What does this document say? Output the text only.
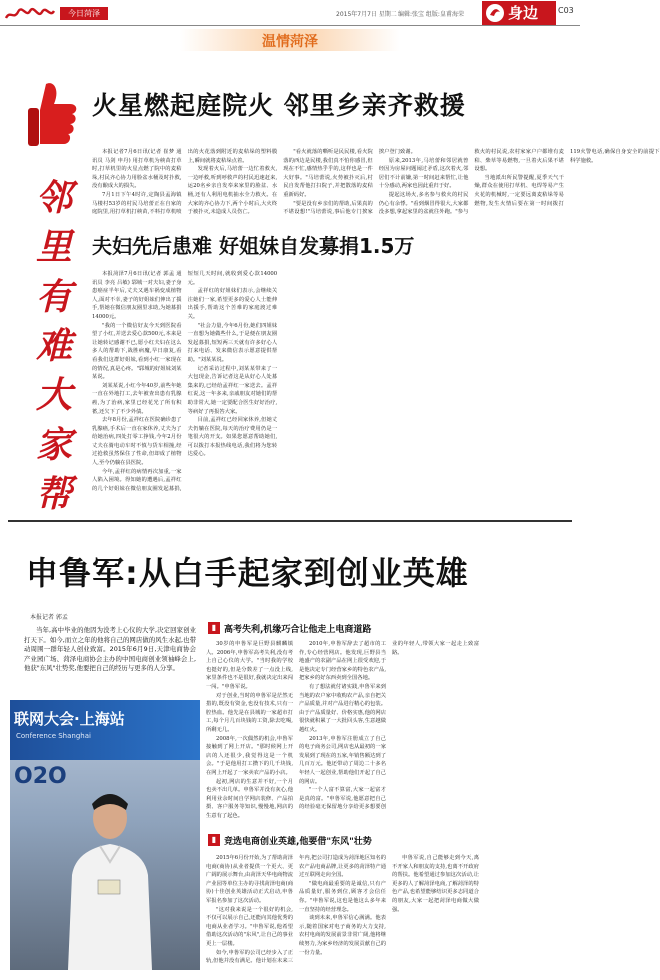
今日菏泽	2015年7月7日 星期二 编辑:张宝 组版:皇甫海荣	身边 C03
温情菏泽
邻
里
有
难
大
家
帮
火星燃起庭院火 邻里乡亲齐救援

本报记者7月6日讯(记者 崔梦 通讯员 马剑 申丹) 用打草机为秧苗打草时,打草机里的火星点燃了院中的麦秸垛,村民齐心协力用脸盆水桶及时扑救,没有酿成大的损失。

7月1日下午4时许,定陶县孟海镇马楼村53岁的村民马培蕾正在自家的庭院里,用打草机打秧苗,不料打草机喷出的火花落到附近的麦秸垛的塑料膜上,瞬间就将麦秸垛点着。

发现着火后,马培蕾一边忙着救火,一边呼救,听到呼救声的村民迅速赶来,运20名乡亲自发奉来家里的脸盆、水桶,还有人利用电机抽水全力救火。在大家的齐心协力下,两个小时后,大火终于被扑灭,未造成人员伤亡。

"看火就落的嘶听是民民楼,看火院落的西边是民楼,我们真不怕你感冒,但现在不忙,感情热乎乎的,这样也是一件大好事。"马培蕾说,火势被扑灭后,村民自发帮他打扫院子,并把散落的麦秸重新码好。

"要是没有乡亲们的帮助,后果真的不堪设想!"马培蕾说,事后他专门挨家挨户登门致谢。

原来,2013年,马培蕾和邻居就曾经因为房屋问题闹过矛盾,这次着火,邻居们不计前嫌,第一时间赶来帮忙,让他十分感动,两家也因此重归于好。

提起这场火,多名参与救火的村民仍心有余悸。"看到烟冒得很大,大家都没多想,拿起家里的盆就往外跑。"参与救火的村民说,农村家家户户都堆有麦秸、柴草等易燃物,一旦着火后果不堪设想。

当地派出所民警提醒,夏季天气干燥,群众在使用打草机、电焊等易产生火花的机械时,一定要远离麦秸垛等易燃物,发生火情后要在第一时间拨打119火警电话,确保自身安全的前提下科学施救。

夫妇先后患难 好姐妹自发募捐1.5万

本报菏泽7月6日讯(记者 郭孟 通讯员 李亮 吕敏) 郓城一对夫妇,妻子身患癌症半年后,丈夫又遇车祸变成植物人,面对不幸,妻子的好姐妹们伸出了援手,帮她在微信朋友圈里求助,为她募捐14000元。

"我的一个微信好友今天到医院看望了小红,并送去爱心款500元,本来是让她转记感谢不已,愿小红夫妇在这么多人的帮助下,战胜病魔,早日康复,看看我们这群好姐妹,看到小红一家现在的情况,真是心疼。"郓城的好姐妹刘某某说。

刘某某说,小红今年40岁,前些年她一直在外地打工,去年被查出患有乳腺癌,为了治病,家里已经花光了所有积蓄,还欠下了不少外债。

去年8月份,孟祥红在医院确诊患了乳腺癌,手术后一直在家休养,丈夫为了给她治病,四处打零工挣钱,今年2月份丈夫在骑电动车时不慎与货车相撞,经过抢救虽然保住了性命,但却成了植物人,至今仍躺在县医院。

今年,孟祥红的病情再次加重,一家人陷入困境。得知她的遭遇后,孟祥红的几个好姐妹在微信朋友圈发起募捐,短短几天时间,就收到爱心款14000元。

孟祥红的好姐妹们表示,会继续关注她们一家,希望更多的爱心人士能伸出援手,帮助这个苦难的家庭渡过难关。

"社会力量,今年6月份,她们四姐妹一直想为她做些什么,于是便在朋友圈发起募捐,短短两三天就有许多好心人打来电话、发来微信表示愿意提供帮助。"刘某某说。

记者采访过程中,刘某某带来了一大包现金,告诉记者这是从好心人处募集来的,已经给孟祥红一家送去。孟祥红说,这一年多来,亲戚朋友对她们的帮助非常大,她一定要配合医生好好治疗,等病好了再报答大家。

目前,孟祥红已经回家休养,但她丈夫仍躺在医院,每天的治疗费用仍是一笔很大的开支。如果您愿意帮助她们,可以拨打本报热线电话,我们将为您转达爱心。

申鲁军:从白手起家到创业英雄
本报记者 郭孟
当年,高中毕业的他因为没考上心仪的大学,决定回家创业打天下。如今,而立之年的他将自己的网店做的风生水起,也带动周围一群年轻人创业致富。2015年6月9日,天津电商协会产业园广场、菏泽电商协会主办的中国电商创业领袖峰会上,他获"东风"壮势奖,他要把自己的经历与更多的人分享。
联网大会·上海站
Conference Shanghai
O2O
▮ 高考失利,机缘巧合让他走上电商道路
▮ 竞选电商创业英雄,他要借"东风"壮势

30岁的申鲁军是巨野县麒麟镇人。2006年,申鲁军高考失利,没有考上自己心仪的大学。"当时我的学校也挺好的,但是分数差了一点没上线,家里条件也不是很好,我就决定出来闯一闯。"申鲁军说。

对于创业,当时的申鲁军是茫然无措的,既没有资金,也没有技术,只有一腔热血。他先是在县城的一家超市打工,每个月几百块钱的工资,除去吃喝,所剩无几。

2008年,一次偶然的机会,申鲁军接触到了网上开店。"那时候网上开店的人还很少,我觉得这是一个机会。"于是他用打工攒下的几千块钱,在网上开起了一家卖农产品的小店。

起初,网店的生意并不好,一个月也卖不出几单。申鲁军并没有灰心,他利用业余时间自学网店装修、产品拍摄、客户服务等知识,慢慢地,网店的生意有了起色。

2010年,申鲁军辞去了超市的工作,专心经营网店。他发现,巨野县当地盛产的农副产品在网上很受欢迎,于是他决定专门经营家乡的特色农产品,把家乡的好东西卖到全国各地。

有了想法就付诸实践,申鲁军来到当地的农户家中收购农产品,亲自把关产品质量,并对产品进行精心的包装。由于产品质量好、价格实惠,他的网店很快就积累了一大批回头客,生意越做越红火。

2013年,申鲁军注册成立了自己的电子商务公司,网店也从最初的一家发展到了现在的五家,年销售额达到了几百万元。他还带动了周边二十多名年轻人一起创业,帮助他们开起了自己的网店。

"一个人富不算富,大家一起富才是真的富。"申鲁军说,他愿意把自己的经验毫无保留地分享给更多想要创业的年轻人,带领大家一起走上致富路。

2015年6月份开始,为了帮助菏泽电商(商协)从业者提供一个更大、更广阔的展示舞台,由菏泽天华电商物流产业园等单位主办的寻找菏泽电商(商协)十佳创业英雄活动正式启动,申鲁军报名参加了这次活动。

"这对我来说是一个很好的机会,不仅可以展示自己,还能向其他优秀的电商从业者学习。"申鲁军说,他希望借助这次活动的"东风",让自己的事业更上一层楼。

如今,申鲁军的公司已经步入了正轨,但他并没有满足。他计划在未来三年内,把公司打造成为菏泽地区知名的农产品电商品牌,让更多的菏泽特产通过互联网走向全国。

"做电商最重要的是诚信,只有产品质量好,服务到位,顾客才会信任你。"申鲁军说,这也是他这么多年来一直坚持的经营理念。

谈到未来,申鲁军信心满满。他表示,随着国家对电子商务的大力支持,农村电商的发展前景非常广阔,他将继续努力,为家乡经济的发展贡献自己的一份力量。

申鲁军说,自己能够走到今天,离不开家人和朋友的支持,也离不开政府的帮扶。他希望通过参加这次活动,让更多的人了解菏泽电商,了解菏泽的特色产品,也希望能够结识更多志同道合的朋友,大家一起把菏泽电商做大做强。
